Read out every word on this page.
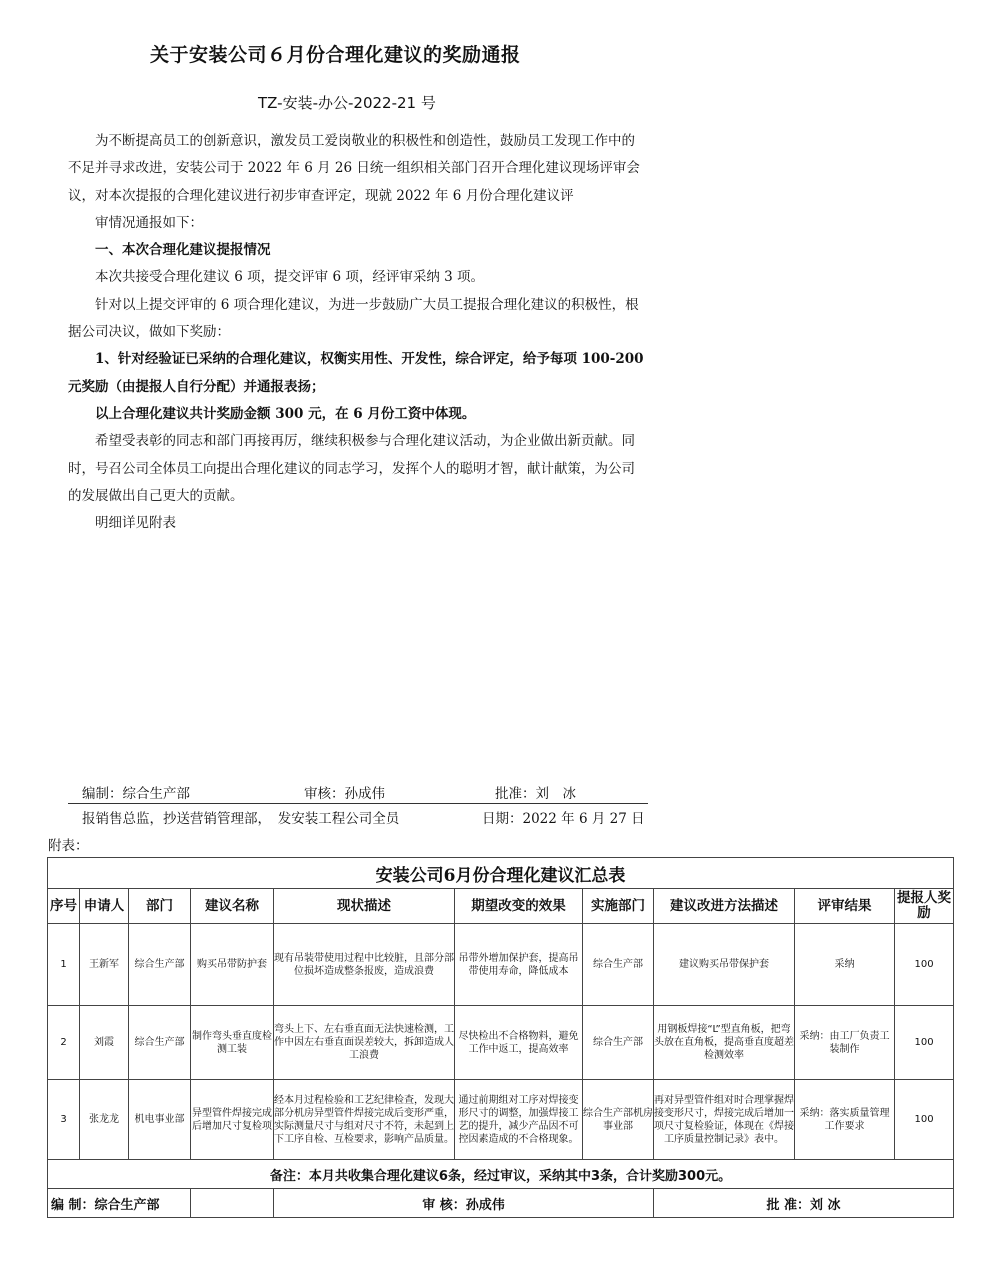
关于安装公司６月份合理化建议的奖励通报
TZ-安装-办公-2022-21 号

为不断提高员工的创新意识，激发员工爱岗敬业的积极性和创造性，鼓励员工发现工作中的不足并寻求改进，安装公司于 2022 年 6 月 26 日统一组织相关部门召开合理化建议现场评审会议，对本次提报的合理化建议进行初步审查评定，现就 2022 年 6 月份合理化建议评

审情况通报如下：

一、本次合理化建议提报情况

本次共接受合理化建议 6 项，提交评审 6 项，经评审采纳 3 项。

针对以上提交评审的 6 项合理化建议，为进一步鼓励广大员工提报合理化建议的积极性，根据公司决议，做如下奖励：

1、针对经验证已采纳的合理化建议，权衡实用性、开发性，综合评定，给予每项 100-200 元奖励（由提报人自行分配）并通报表扬；

以上合理化建议共计奖励金额 300 元，在 6 月份工资中体现。

希望受表彰的同志和部门再接再厉，继续积极参与合理化建议活动，为企业做出新贡献。同时，号召公司全体员工向提出合理化建议的同志学习，发挥个人的聪明才智，献计献策，为公司的发展做出自己更大的贡献。

明细详见附表

编制：综合生产部	审核：孙成伟	批准：刘　冰
报销售总监，抄送营销管理部，　发安装工程公司全员	日期：2022 年 6 月 27 日
附表：
安装公司6月份合理化建议汇总表									
序号	申请人	部门	建议名称	现状描述	期望改变的效果	实施部门	建议改进方法描述	评审结果	提报人奖励
1	王新军	综合生产部	购买吊带防护套	现有吊装带使用过程中比较脏，且部分部位损坏造成整条报废，造成浪费	吊带外增加保护套，提高吊带使用寿命，降低成本	综合生产部	建议购买吊带保护套	采纳	100
2	刘霞	综合生产部	制作弯头垂直度检测工装	弯头上下、左右垂直面无法快速检测，工作中因左右垂直面误差较大，拆卸造成人工浪费	尽快检出不合格物料，避免工作中返工，提高效率	综合生产部	用钢板焊接“L”型直角板，把弯头放在直角板，提高垂直度超差检测效率	采纳：由工厂负责工装制作	100
3	张龙龙	机电事业部	异型管件焊接完成后增加尺寸复检项	经本月过程检验和工艺纪律检查，发现大部分机房异型管件焊接完成后变形严重，实际测量尺寸与组对尺寸不符，未起到上下工序自检、互检要求，影响产品质量。	通过前期组对工序对焊接变形尺寸的调整，加强焊接工艺的提升，减少产品因不可控因素造成的不合格现象。	综合生产部机房事业部	再对异型管件组对时合理掌握焊接变形尺寸，焊接完成后增加一项尺寸复检验证，体现在《焊接工序质量控制记录》表中。	采纳：落实质量管理工作要求	100
备注：本月共收集合理化建议6条，经过审议，采纳其中3条，合计奖励300元。									
编 制：综合生产部				审 核：孙成伟			批 准：刘 冰		
